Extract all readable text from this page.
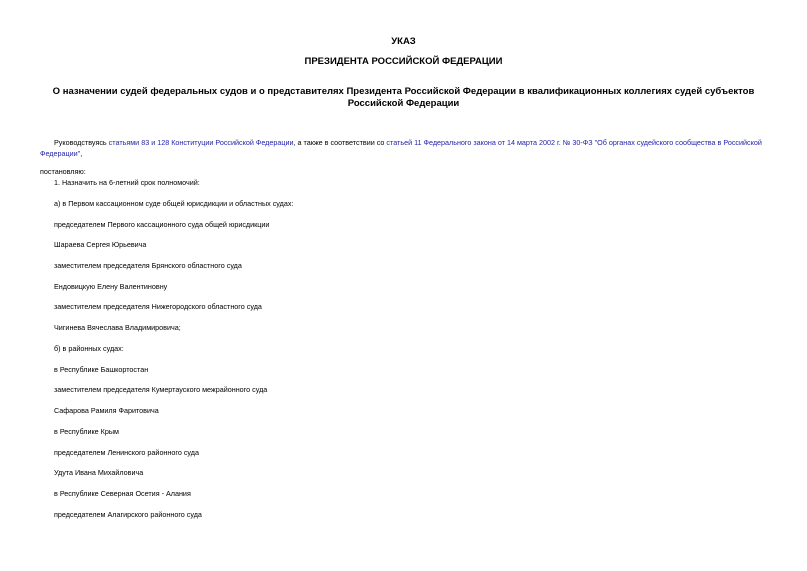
УКАЗ
ПРЕЗИДЕНТА РОССИЙСКОЙ ФЕДЕРАЦИИ
О назначении судей федеральных судов и о представителях Президента Российской Федерации в квалификационных коллегиях судей субъектов Российской Федерации
Руководствуясь статьями 83 и 128 Конституции Российской Федерации, а также в соответствии со статьей 11 Федерального закона от 14 марта 2002 г. № 30-ФЗ "Об органах судейского сообщества в Российской Федерации",
постановляю:
1. Назначить на 6-летний срок полномочий:
а) в Первом кассационном суде общей юрисдикции и областных судах:
председателем Первого кассационного суда общей юрисдикции
Шараева Сергея Юрьевича
заместителем председателя Брянского областного суда
Ендовицкую Елену Валентиновну
заместителем председателя Нижегородского областного суда
Чигинева Вячеслава Владимировича;
б) в районных судах:
в Республике Башкортостан
заместителем председателя Кумертауского межрайонного суда
Сафарова Рамиля Фаритовича
в Республике Крым
председателем Ленинского районного суда
Удута Ивана Михайловича
в Республике Северная Осетия - Алания
председателем Алагирского районного суда
